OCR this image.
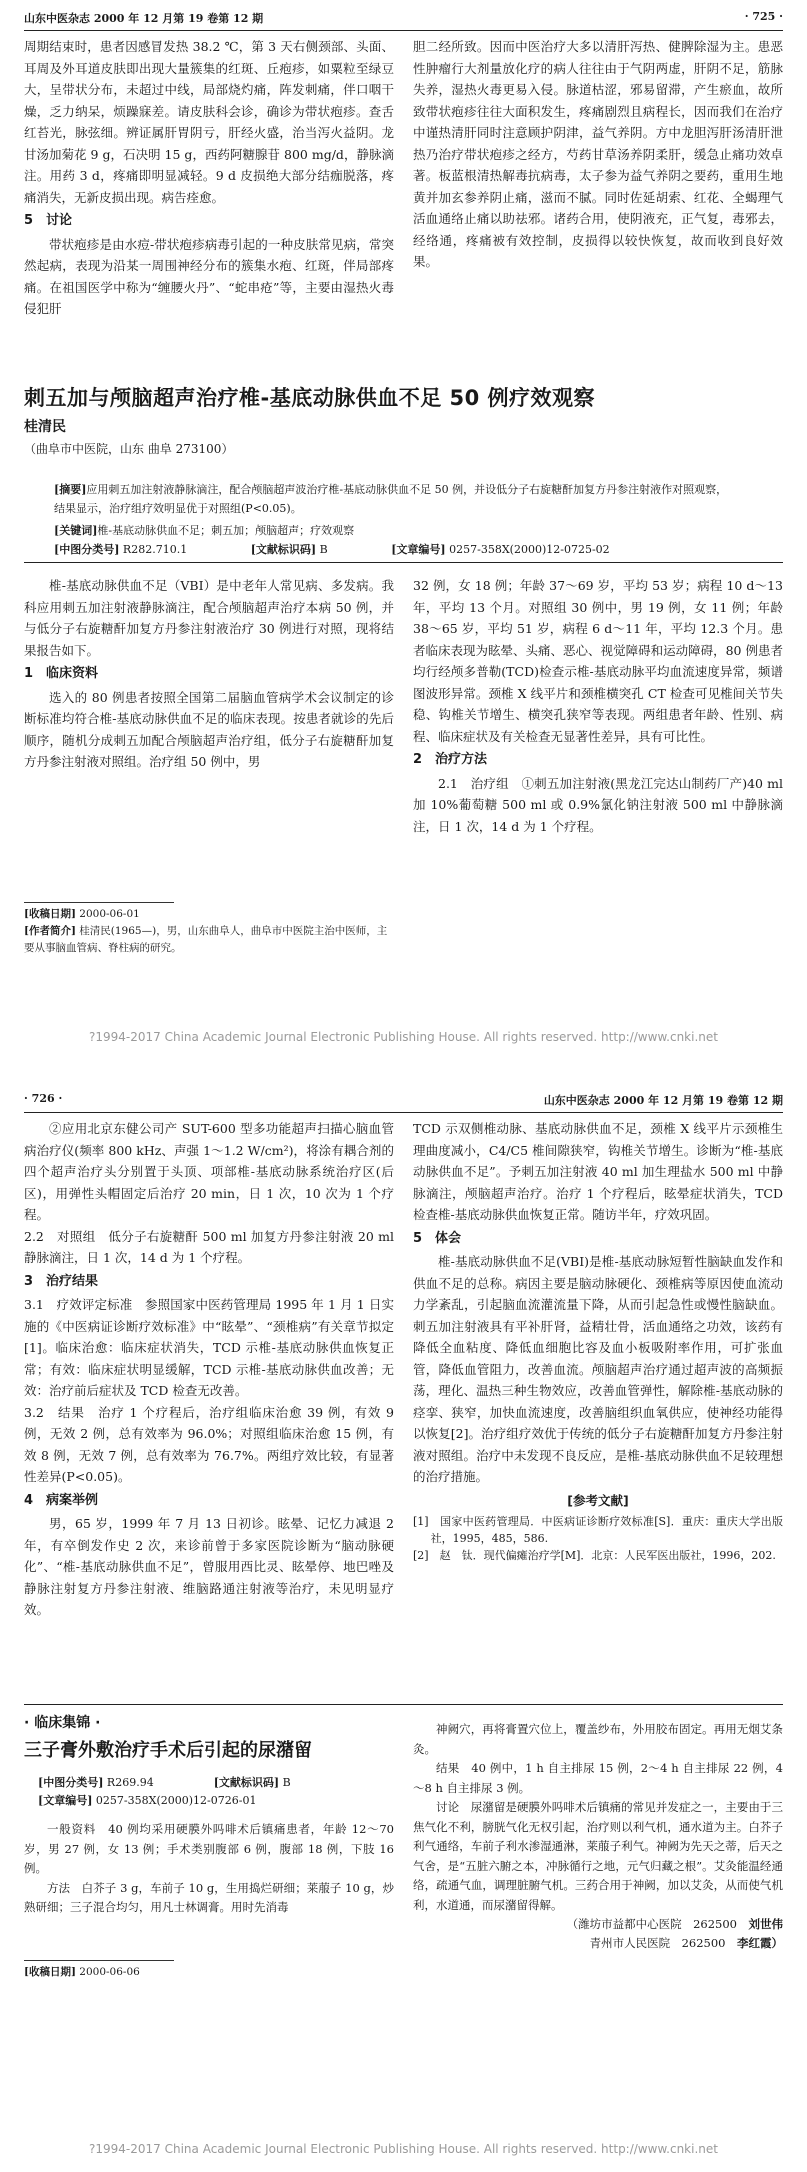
山东中医杂志 2000 年 12 月第 19 卷第 12 期	· 725 ·

周期结束时，患者因感冒发热 38.2 ℃，第 3 天右侧颈部、头面、耳周及外耳道皮肤即出现大量簇集的红斑、丘疱疹，如粟粒至绿豆大，呈带状分布，未超过中线，局部烧灼痛，阵发刺痛，伴口咽干燥，乏力纳呆，烦躁寐差。请皮肤科会诊，确诊为带状疱疹。查舌红苔光，脉弦细。辨证属肝胃阴亏，肝经火盛，治当泻火益阴。龙甘汤加菊花 9 g，石决明 15 g，西药阿糖腺苷 800 mg/d，静脉滴注。用药 3 d，疼痛即明显减轻。9 d 皮损绝大部分结痂脱落，疼痛消失，无新皮损出现。病告痊愈。

5　讨论

带状疱疹是由水痘-带状疱疹病毒引起的一种皮肤常见病，常突然起病，表现为沿某一周围神经分布的簇集水疱、红斑，伴局部疼痛。在祖国医学中称为“缠腰火丹”、“蛇串疮”等，主要由湿热火毒侵犯肝

胆二经所致。因而中医治疗大多以清肝泻热、健脾除湿为主。患恶性肿瘤行大剂量放化疗的病人往往由于气阴两虚，肝阴不足，筋脉失养，湿热火毒更易入侵。脉道枯涩，邪易留滞，产生瘀血，故所致带状疱疹往往大面积发生，疼痛剧烈且病程长，因而我们在治疗中谨热清肝同时注意顾护阴津，益气养阴。方中龙胆泻肝汤清肝泄热乃治疗带状疱疹之经方，芍药甘草汤养阴柔肝，缓急止痛功效卓著。板蓝根清热解毒抗病毒，太子参为益气养阴之要药，重用生地黄并加玄参养阴止痛，滋而不腻。同时佐延胡索、红花、全蝎理气活血通络止痛以助祛邪。诸药合用，使阴液充，正气复，毒邪去，经络通，疼痛被有效控制，皮损得以较快恢复，故而收到良好效果。

刺五加与颅脑超声治疗椎-基底动脉供血不足 50 例疗效观察
桂清民
（曲阜市中医院，山东 曲阜 273100）
[摘要]应用刺五加注射液静脉滴注，配合颅脑超声波治疗椎-基底动脉供血不足 50 例，并设低分子右旋糖酐加复方丹参注射液作对照观察，结果显示，治疗组疗效明显优于对照组(P<0.05)。
[关键词]椎-基底动脉供血不足；刺五加；颅脑超声；疗效观察
[中图分类号] R282.710.1	[文献标识码] B	[文章编号] 0257-358X(2000)12-0725-02

椎-基底动脉供血不足（VBI）是中老年人常见病、多发病。我科应用刺五加注射液静脉滴注，配合颅脑超声治疗本病 50 例，并与低分子右旋糖酐加复方丹参注射液治疗 30 例进行对照，现将结果报告如下。

1　临床资料

选入的 80 例患者按照全国第二届脑血管病学术会议制定的诊断标准均符合椎-基底动脉供血不足的临床表现。按患者就诊的先后顺序，随机分成刺五加配合颅脑超声治疗组，低分子右旋糖酐加复方丹参注射液对照组。治疗组 50 例中，男

[收稿日期] 2000-06-01
[作者简介] 桂清民(1965—)，男，山东曲阜人，曲阜市中医院主治中医师，主要从事脑血管病、脊柱病的研究。

32 例，女 18 例；年龄 37～69 岁，平均 53 岁；病程 10 d～13 年，平均 13 个月。对照组 30 例中，男 19 例，女 11 例；年龄 38～65 岁，平均 51 岁，病程 6 d～11 年，平均 12.3 个月。患者临床表现为眩晕、头痛、恶心、视觉障碍和运动障碍，80 例患者均行经颅多普勒(TCD)检查示椎-基底动脉平均血流速度异常，频谱图波形异常。颈椎 X 线平片和颈椎横突孔 CT 检查可见椎间关节失稳、钩椎关节增生、横突孔狭窄等表现。两组患者年龄、性别、病程、临床症状及有关检查无显著性差异，具有可比性。

2　治疗方法

2.1　治疗组　①刺五加注射液(黑龙江完达山制药厂产)40 ml 加 10%葡萄糖 500 ml 或 0.9%氯化钠注射液 500 ml 中静脉滴注，日 1 次，14 d 为 1 个疗程。

?1994-2017 China Academic Journal Electronic Publishing House. All rights reserved. http://www.cnki.net
· 726 ·	山东中医杂志 2000 年 12 月第 19 卷第 12 期

②应用北京东健公司产 SUT-600 型多功能超声扫描心脑血管病治疗仪(频率 800 kHz、声强 1～1.2 W/cm²)，将涂有耦合剂的四个超声治疗头分别置于头顶、项部椎-基底动脉系统治疗区(后区)，用弹性头帽固定后治疗 20 min，日 1 次，10 次为 1 个疗程。

2.2　对照组　低分子右旋糖酐 500 ml 加复方丹参注射液 20 ml 静脉滴注，日 1 次，14 d 为 1 个疗程。

3　治疗结果

3.1　疗效评定标准　参照国家中医药管理局 1995 年 1 月 1 日实施的《中医病证诊断疗效标准》中“眩晕”、“颈椎病”有关章节拟定[1]。临床治愈：临床症状消失，TCD 示椎-基底动脉供血恢复正常；有效：临床症状明显缓解，TCD 示椎-基底动脉供血改善；无效：治疗前后症状及 TCD 检查无改善。

3.2　结果　治疗 1 个疗程后，治疗组临床治愈 39 例，有效 9 例，无效 2 例，总有效率为 96.0%；对照组临床治愈 15 例，有效 8 例，无效 7 例，总有效率为 76.7%。两组疗效比较，有显著性差异(P<0.05)。

4　病案举例

男，65 岁，1999 年 7 月 13 日初诊。眩晕、记忆力减退 2 年，有卒倒发作史 2 次，来诊前曾于多家医院诊断为“脑动脉硬化”、“椎-基底动脉供血不足”，曾服用西比灵、眩晕停、地巴唑及静脉注射复方丹参注射液、维脑路通注射液等治疗，未见明显疗效。

TCD 示双侧椎动脉、基底动脉供血不足，颈椎 X 线平片示颈椎生理曲度减小，C4/C5 椎间隙狭窄，钩椎关节增生。诊断为“椎-基底动脉供血不足”。予刺五加注射液 40 ml 加生理盐水 500 ml 中静脉滴注，颅脑超声治疗。治疗 1 个疗程后，眩晕症状消失，TCD 检查椎-基底动脉供血恢复正常。随访半年，疗效巩固。

5　体会

椎-基底动脉供血不足(VBI)是椎-基底动脉短暂性脑缺血发作和供血不足的总称。病因主要是脑动脉硬化、颈椎病等原因使血流动力学紊乱，引起脑血流灌流量下降，从而引起急性或慢性脑缺血。刺五加注射液具有平补肝肾，益精壮骨，活血通络之功效，该药有降低全血粘度、降低血细胞比容及血小板吸附率作用，可扩张血管，降低血管阻力，改善血流。颅脑超声治疗通过超声波的高频振荡，理化、温热三种生物效应，改善血管弹性，解除椎-基底动脉的痉挛、狭窄，加快血流速度，改善脑组织血氧供应，使神经功能得以恢复[2]。治疗组疗效优于传统的低分子右旋糖酐加复方丹参注射液对照组。治疗中未发现不良反应，是椎-基底动脉供血不足较理想的治疗措施。

[参考文献]
[1]　国家中医药管理局．中医病证诊断疗效标准[S]．重庆：重庆大学出版社，1995，485，586.
[2]　赵　钛．现代偏瘫治疗学[M]．北京：人民军医出版社，1996，202.
· 临床集锦 ·
三子膏外敷治疗手术后引起的尿潴留
[中图分类号] R269.94	[文献标识码] B
[文章编号] 0257-358X(2000)12-0726-01

一般资料　40 例均采用硬膜外吗啡术后镇痛患者，年龄 12～70 岁，男 27 例，女 13 例；手术类别腹部 6 例，腹部 18 例，下肢 16 例。

方法　白芥子 3 g，车前子 10 g，生用捣烂研细；莱菔子 10 g，炒熟研细；三子混合均匀，用凡士林调膏。用时先消毒

[收稿日期] 2000-06-06

神阙穴，再将膏置穴位上，覆盖纱布，外用胶布固定。再用无烟艾条灸。

结果　40 例中，1 h 自主排尿 15 例，2～4 h 自主排尿 22 例，4～8 h 自主排尿 3 例。

讨论　尿潴留是硬膜外吗啡术后镇痛的常见并发症之一，主要由于三焦气化不利，膀胱气化无权引起，治疗则以利气机，通水道为主。白芥子利气通络，车前子利水渗湿通淋，莱菔子利气。神阙为先天之蒂，后天之气舍，是“五脏六腑之本，冲脉循行之地，元气归藏之根”。艾灸能温经通络，疏通气血，调理脏腑气机。三药合用于神阙，加以艾灸，从而使气机利，水道通，而尿潴留得解。

（潍坊市益都中心医院　262500　 刘世伟
青州市人民医院　262500　 李红霞）
?1994-2017 China Academic Journal Electronic Publishing House. All rights reserved. http://www.cnki.net
